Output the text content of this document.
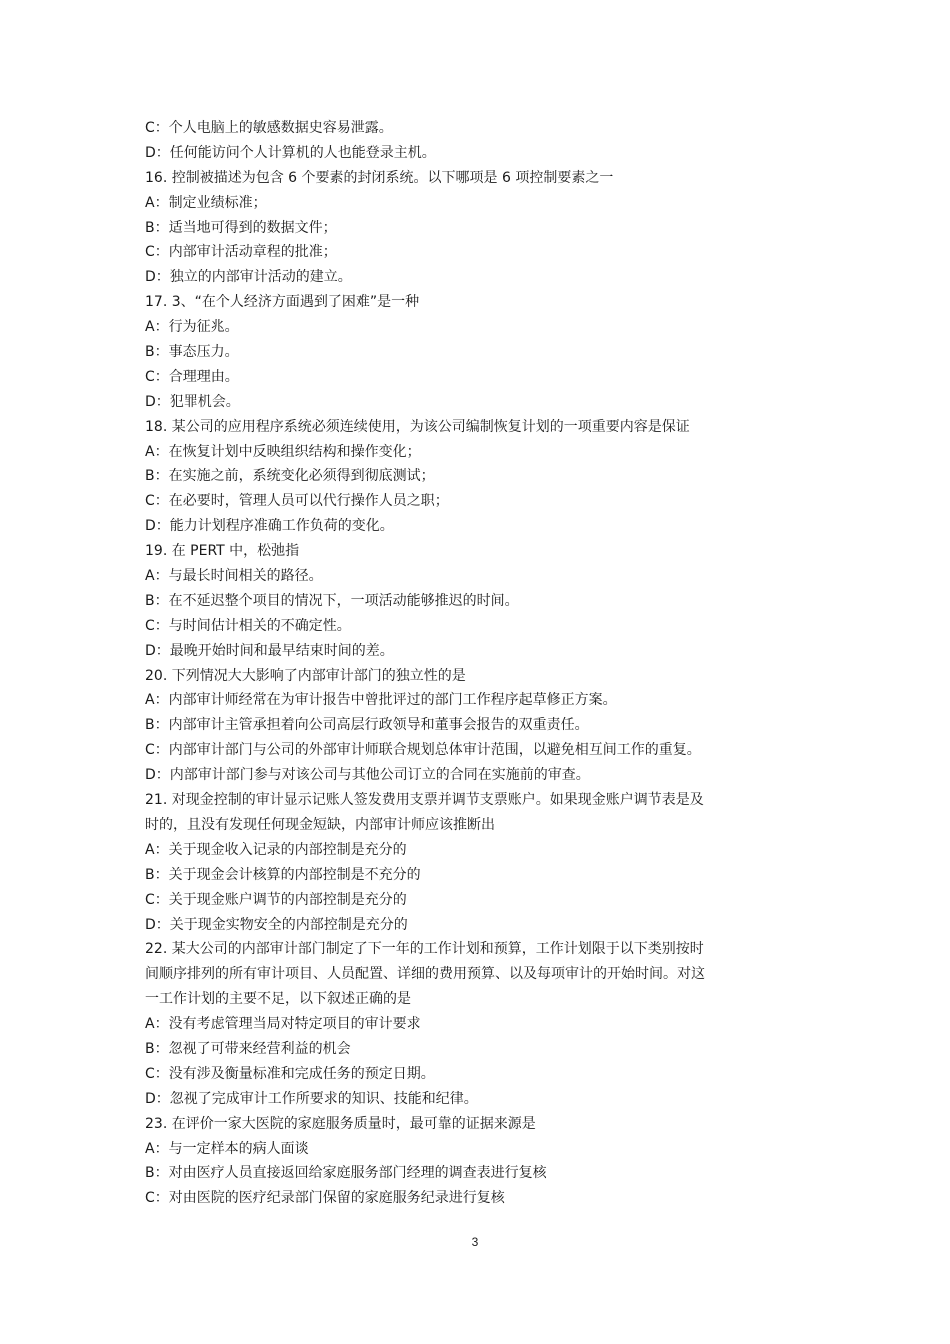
C：个人电脑上的敏感数据史容易泄露。
D：任何能访问个人计算机的人也能登录主机。
16. 控制被描述为包含 6 个要素的封闭系统。以下哪项是 6 项控制要素之一
A：制定业绩标准；
B：适当地可得到的数据文件；
C：内部审计活动章程的批准；
D：独立的内部审计活动的建立。
17. 3、“在个人经济方面遇到了困难”是一种
A：行为征兆。
B：事态压力。
C：合理理由。
D：犯罪机会。
18. 某公司的应用程序系统必须连续使用，为该公司编制恢复计划的一项重要内容是保证
A：在恢复计划中反映组织结构和操作变化；
B：在实施之前，系统变化必须得到彻底测试；
C：在必要时，管理人员可以代行操作人员之职；
D：能力计划程序准确工作负荷的变化。
19. 在 PERT 中，松弛指
A：与最长时间相关的路径。
B：在不延迟整个项目的情况下，一项活动能够推迟的时间。
C：与时间估计相关的不确定性。
D：最晚开始时间和最早结束时间的差。
20. 下列情况大大影响了内部审计部门的独立性的是
A：内部审计师经常在为审计报告中曾批评过的部门工作程序起草修正方案。
B：内部审计主管承担着向公司高层行政领导和董事会报告的双重责任。
C：内部审计部门与公司的外部审计师联合规划总体审计范围，以避免相互间工作的重复。
D：内部审计部门参与对该公司与其他公司订立的合同在实施前的审查。
21. 对现金控制的审计显示记账人签发费用支票并调节支票账户。如果现金账户调节表是及
时的，且没有发现任何现金短缺，内部审计师应该推断出
A：关于现金收入记录的内部控制是充分的
B：关于现金会计核算的内部控制是不充分的
C：关于现金账户调节的内部控制是充分的
D：关于现金实物安全的内部控制是充分的
22. 某大公司的内部审计部门制定了下一年的工作计划和预算，工作计划限于以下类别按时
间顺序排列的所有审计项目、人员配置、详细的费用预算、以及每项审计的开始时间。对这
一工作计划的主要不足，以下叙述正确的是
A：没有考虑管理当局对特定项目的审计要求
B：忽视了可带来经营利益的机会
C：没有涉及衡量标准和完成任务的预定日期。
D：忽视了完成审计工作所要求的知识、技能和纪律。
23. 在评价一家大医院的家庭服务质量时，最可靠的证据来源是
A：与一定样本的病人面谈
B：对由医疗人员直接返回给家庭服务部门经理的调查表进行复核
C：对由医院的医疗纪录部门保留的家庭服务纪录进行复核
3
